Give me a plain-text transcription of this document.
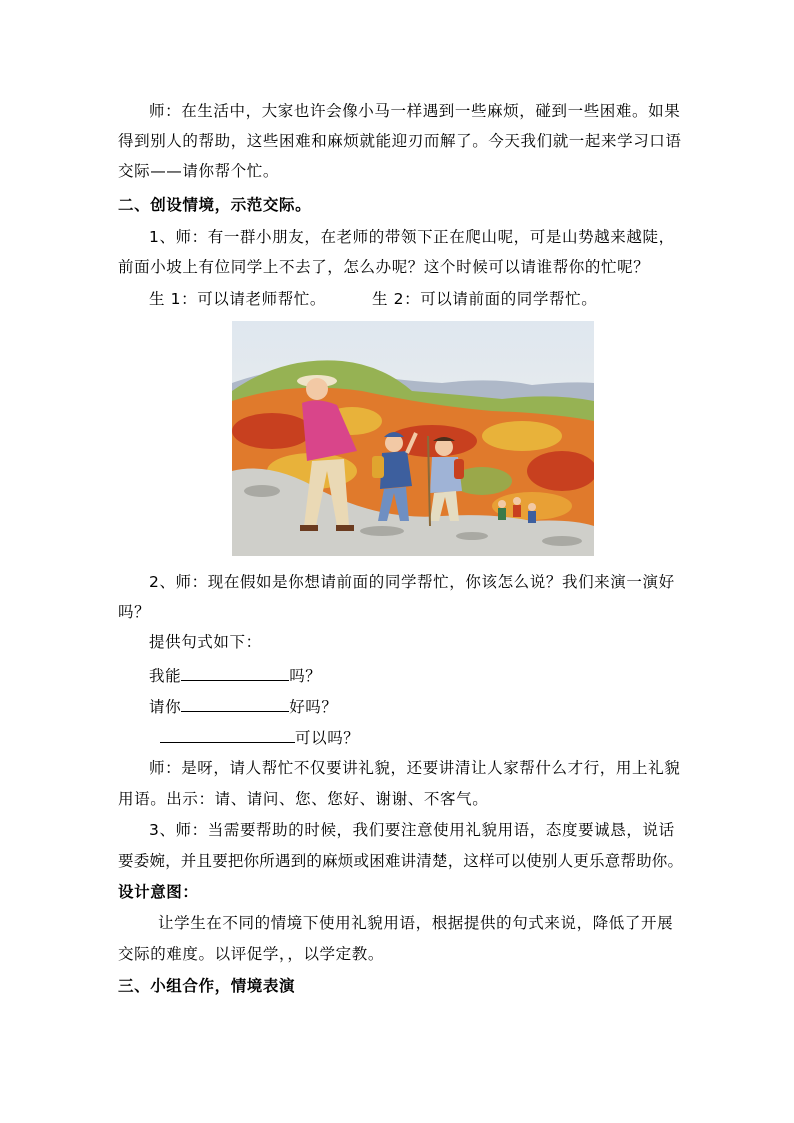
师：在生活中，大家也许会像小马一样遇到一些麻烦，碰到一些困难。如果
得到别人的帮助，这些困难和麻烦就能迎刃而解了。今天我们就一起来学习口语
交际——请你帮个忙。
二、创设情境，示范交际。
1、师：有一群小朋友，在老师的带领下正在爬山呢，可是山势越来越陡，
前面小坡上有位同学上不去了，怎么办呢？这个时候可以请谁帮你的忙呢？
生 1：可以请老师帮忙。	生 2：可以请前面的同学帮忙。
2、师：现在假如是你想请前面的同学帮忙，你该怎么说？我们来演一演好
吗？
提供句式如下：
我能	吗？
请你	好吗？
可以吗？
师：是呀，请人帮忙不仅要讲礼貌，还要讲清让人家帮什么才行，用上礼貌
用语。出示：请、请问、您、您好、谢谢、不客气。
3、师：当需要帮助的时候，我们要注意使用礼貌用语，态度要诚恳，说话
要委婉，并且要把你所遇到的麻烦或困难讲清楚，这样可以使别人更乐意帮助你。
设计意图：
让学生在不同的情境下使用礼貌用语，根据提供的句式来说，降低了开展
交际的难度。以评促学，，以学定教。
三、小组合作，情境表演
